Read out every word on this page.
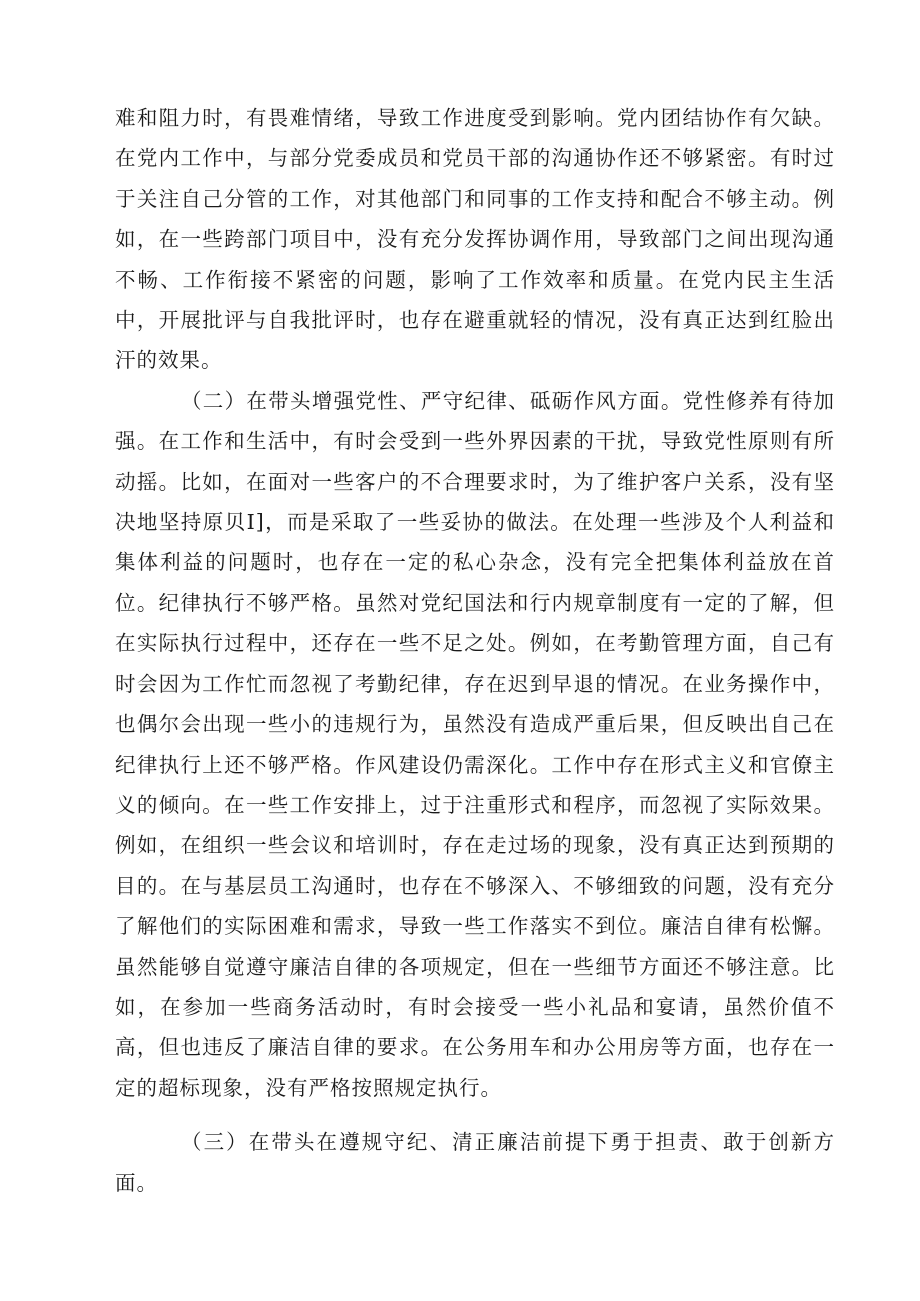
难和阻力时，有畏难情绪，导致工作进度受到影响。党内团结协作有欠缺。在党内工作中，与部分党委成员和党员干部的沟通协作还不够紧密。有时过于关注自己分管的工作，对其他部门和同事的工作支持和配合不够主动。例如，在一些跨部门项目中，没有充分发挥协调作用，导致部门之间出现沟通不畅、工作衔接不紧密的问题，影响了工作效率和质量。在党内民主生活中，开展批评与自我批评时，也存在避重就轻的情况，没有真正达到红脸出汗的效果。

（二）在带头增强党性、严守纪律、砥砺作风方面。党性修养有待加强。在工作和生活中，有时会受到一些外界因素的干扰，导致党性原则有所动摇。比如，在面对一些客户的不合理要求时，为了维护客户关系，没有坚决地坚持原贝I]，而是采取了一些妥协的做法。在处理一些涉及个人利益和集体利益的问题时，也存在一定的私心杂念，没有完全把集体利益放在首位。纪律执行不够严格。虽然对党纪国法和行内规章制度有一定的了解，但在实际执行过程中，还存在一些不足之处。例如，在考勤管理方面，自己有时会因为工作忙而忽视了考勤纪律，存在迟到早退的情况。在业务操作中，也偶尔会出现一些小的违规行为，虽然没有造成严重后果，但反映出自己在纪律执行上还不够严格。作风建设仍需深化。工作中存在形式主义和官僚主义的倾向。在一些工作安排上，过于注重形式和程序，而忽视了实际效果。例如，在组织一些会议和培训时，存在走过场的现象，没有真正达到预期的目的。在与基层员工沟通时，也存在不够深入、不够细致的问题，没有充分了解他们的实际困难和需求，导致一些工作落实不到位。廉洁自律有松懈。虽然能够自觉遵守廉洁自律的各项规定，但在一些细节方面还不够注意。比如，在参加一些商务活动时，有时会接受一些小礼品和宴请，虽然价值不高，但也违反了廉洁自律的要求。在公务用车和办公用房等方面，也存在一定的超标现象，没有严格按照规定执行。

（三）在带头在遵规守纪、清正廉洁前提下勇于担责、敢于创新方面。
